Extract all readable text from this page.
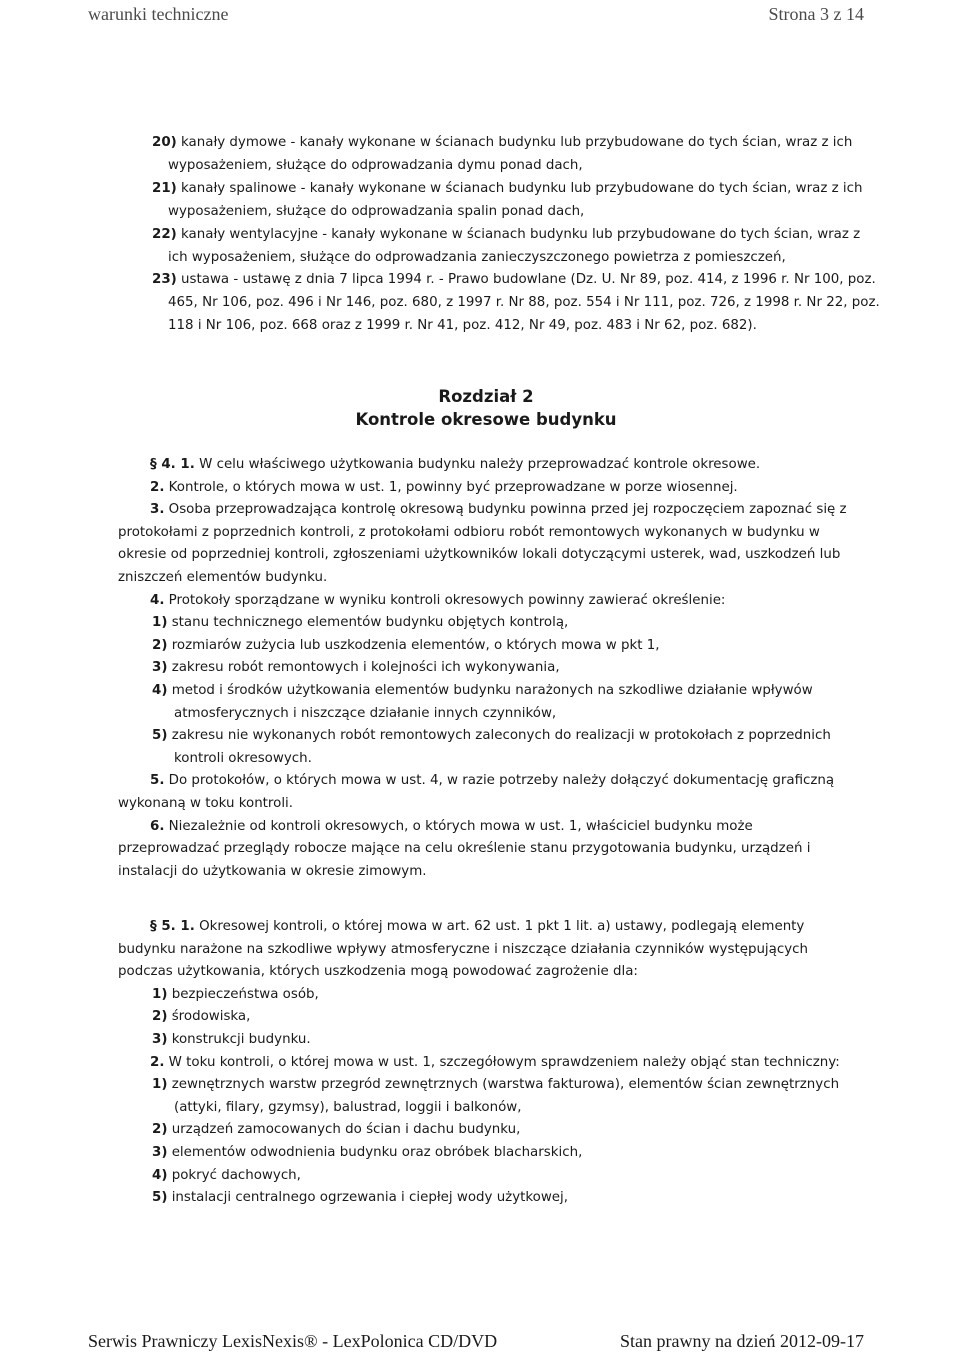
warunki techniczne	Strona 3 z 14

20) kanały dymowe - kanały wykonane w ścianach budynku lub przybudowane do tych ścian, wraz z ich wyposażeniem, służące do odprowadzania dymu ponad dach,

21) kanały spalinowe - kanały wykonane w ścianach budynku lub przybudowane do tych ścian, wraz z ich wyposażeniem, służące do odprowadzania spalin ponad dach,

22) kanały wentylacyjne - kanały wykonane w ścianach budynku lub przybudowane do tych ścian, wraz z ich wyposażeniem, służące do odprowadzania zanieczyszczonego powietrza z pomieszczeń,

23) ustawa - ustawę z dnia 7 lipca 1994 r. - Prawo budowlane (Dz. U. Nr 89, poz. 414, z 1996 r. Nr 100, poz. 465, Nr 106, poz. 496 i Nr 146, poz. 680, z 1997 r. Nr 88, poz. 554 i Nr 111, poz. 726, z 1998 r. Nr 22, poz. 118 i Nr 106, poz. 668 oraz z 1999 r. Nr 41, poz. 412, Nr 49, poz. 483 i Nr 62, poz. 682).

Rozdział 2
Kontrole okresowe budynku

§ 4. 1. W celu właściwego użytkowania budynku należy przeprowadzać kontrole okresowe.

2. Kontrole, o których mowa w ust. 1, powinny być przeprowadzane w porze wiosennej.

3. Osoba przeprowadzająca kontrolę okresową budynku powinna przed jej rozpoczęciem zapoznać się z protokołami z poprzednich kontroli, z protokołami odbioru robót remontowych wykonanych w budynku w okresie od poprzedniej kontroli, zgłoszeniami użytkowników lokali dotyczącymi usterek, wad, uszkodzeń lub zniszczeń elementów budynku.

4. Protokoły sporządzane w wyniku kontroli okresowych powinny zawierać określenie:

1) stanu technicznego elementów budynku objętych kontrolą,

2) rozmiarów zużycia lub uszkodzenia elementów, o których mowa w pkt 1,

3) zakresu robót remontowych i kolejności ich wykonywania,

4) metod i środków użytkowania elementów budynku narażonych na szkodliwe działanie wpływów atmosferycznych i niszczące działanie innych czynników,

5) zakresu nie wykonanych robót remontowych zaleconych do realizacji w protokołach z poprzednich kontroli okresowych.

5. Do protokołów, o których mowa w ust. 4, w razie potrzeby należy dołączyć dokumentację graficzną wykonaną w toku kontroli.

6. Niezależnie od kontroli okresowych, o których mowa w ust. 1, właściciel budynku może przeprowadzać przeglądy robocze mające na celu określenie stanu przygotowania budynku, urządzeń i instalacji do użytkowania w okresie zimowym.

§ 5. 1. Okresowej kontroli, o której mowa w art. 62 ust. 1 pkt 1 lit. a) ustawy, podlegają elementy budynku narażone na szkodliwe wpływy atmosferyczne i niszczące działania czynników występujących podczas użytkowania, których uszkodzenia mogą powodować zagrożenie dla:

1) bezpieczeństwa osób,

2) środowiska,

3) konstrukcji budynku.

2. W toku kontroli, o której mowa w ust. 1, szczegółowym sprawdzeniem należy objąć stan techniczny:

1) zewnętrznych warstw przegród zewnętrznych (warstwa fakturowa), elementów ścian zewnętrznych (attyki, filary, gzymsy), balustrad, loggii i balkonów,

2) urządzeń zamocowanych do ścian i dachu budynku,

3) elementów odwodnienia budynku oraz obróbek blacharskich,

4) pokryć dachowych,

5) instalacji centralnego ogrzewania i ciepłej wody użytkowej,

Serwis Prawniczy LexisNexis® - LexPolonica CD/DVD	Stan prawny na dzień 2012-09-17
